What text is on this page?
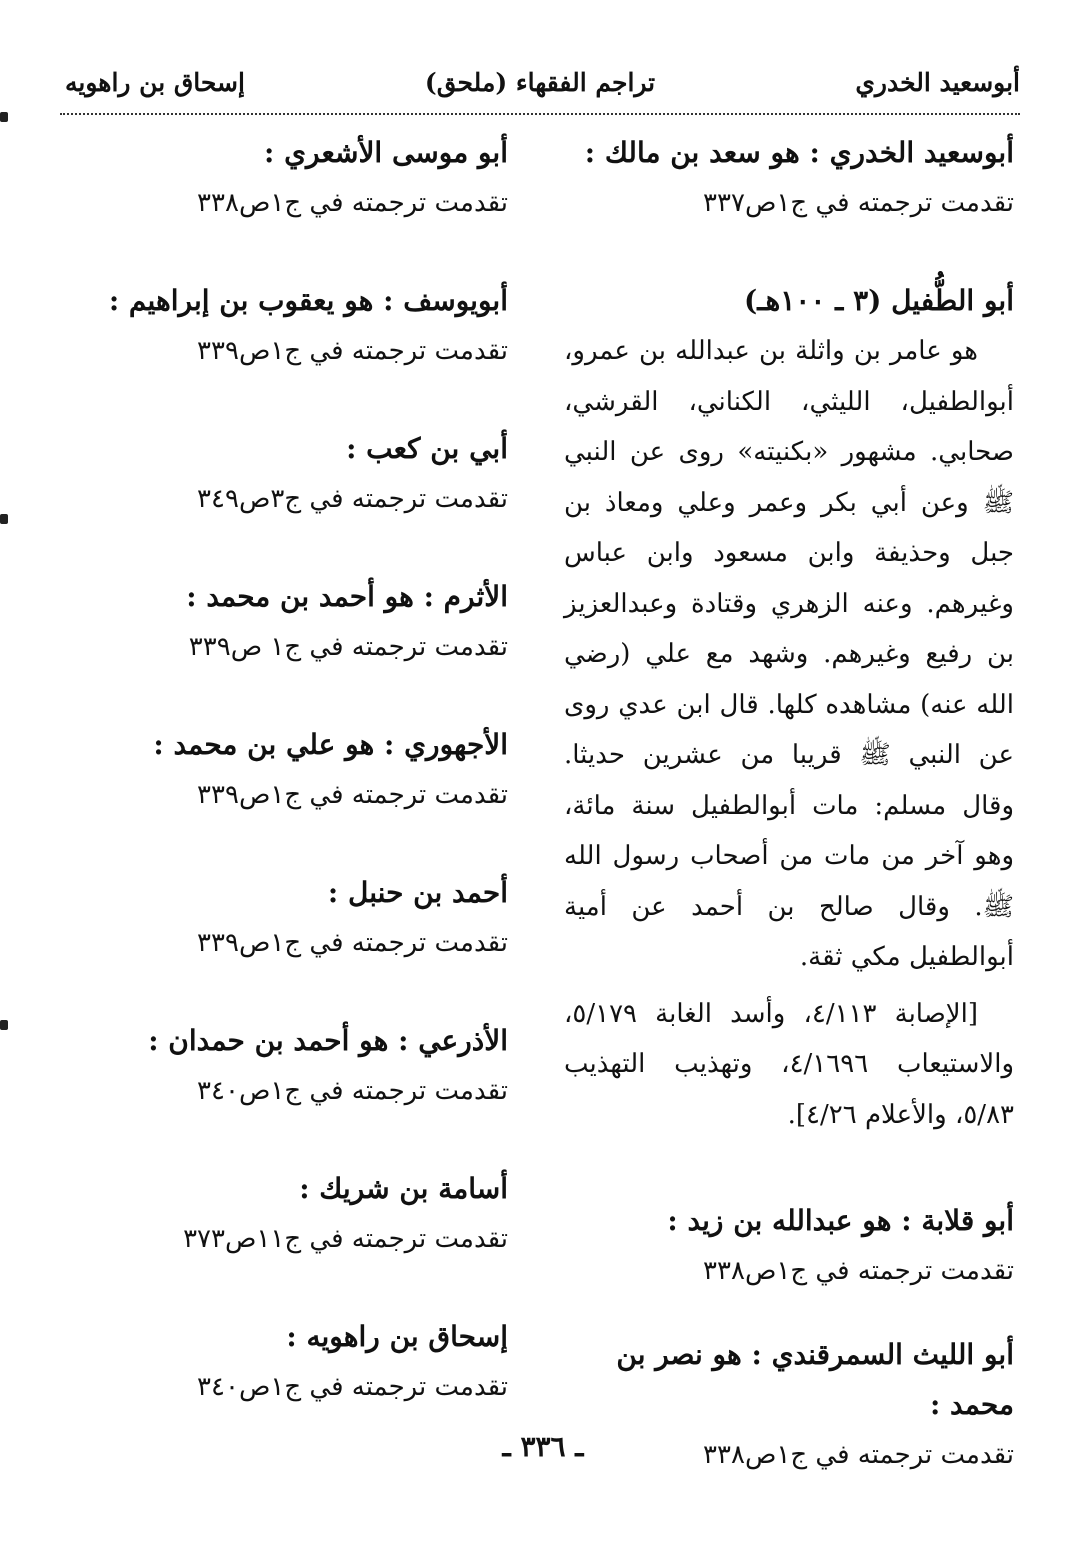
أبوسعيد الخدري
(ملحق) تراجم الفقهاء
إسحاق بن راهويه
أبوسعيد الخدري : هو سعد بن مالك :
تقدمت ترجمته في ج١ص٣٣٧
أبو الطُّفيل (٣ ـ ١٠٠هـ)

هو عامر بن واثلة بن عبدالله بن عمرو، أبوالطفيل، الليثي، الكناني، القرشي، صحابي. مشهور «بكنيته» روى عن النبي ﷺ وعن أبي بكر وعمر وعلي ومعاذ بن جبل وحذيفة وابن مسعود وابن عباس وغيرهم. وعنه الزهري وقتادة وعبدالعزيز بن رفيع وغيرهم. وشهد مع علي (رضي الله عنه) مشاهده كلها. قال ابن عدي روى عن النبي ﷺ قريبا من عشرين حديثا. وقال مسلم: مات أبوالطفيل سنة مائة، وهو آخر من مات من أصحاب رسول الله ﷺ. وقال صالح بن أحمد عن أمية أبوالطفيل مكي ثقة.

[الإصابة ٤/١١٣، وأسد الغابة ٥/١٧٩، والاستيعاب ٤/١٦٩٦، وتهذيب التهذيب ٥/٨٣، والأعلام ٤/٢٦].

أبو قلابة : هو عبدالله بن زيد :
تقدمت ترجمته في ج١ص٣٣٨
أبو الليث السمرقندي : هو نصر بن محمد :
تقدمت ترجمته في ج١ص٣٣٨
أبو موسى الأشعري :
تقدمت ترجمته في ج١ص٣٣٨
أبويوسف : هو يعقوب بن إبراهيم :
تقدمت ترجمته في ج١ص٣٣٩
أبي بن كعب :
تقدمت ترجمته في ج٣ص٣٤٩
الأثرم : هو أحمد بن محمد :
تقدمت ترجمته في ج١ ص٣٣٩
الأجهوري : هو علي بن محمد :
تقدمت ترجمته في ج١ص٣٣٩
أحمد بن حنبل :
تقدمت ترجمته في ج١ص٣٣٩
الأذرعي : هو أحمد بن حمدان :
تقدمت ترجمته في ج١ص٣٤٠
أسامة بن شريك :
تقدمت ترجمته في ج١١ص٣٧٣
إسحاق بن راهويه :
تقدمت ترجمته في ج١ص٣٤٠
ـ ٣٣٦ ـ
